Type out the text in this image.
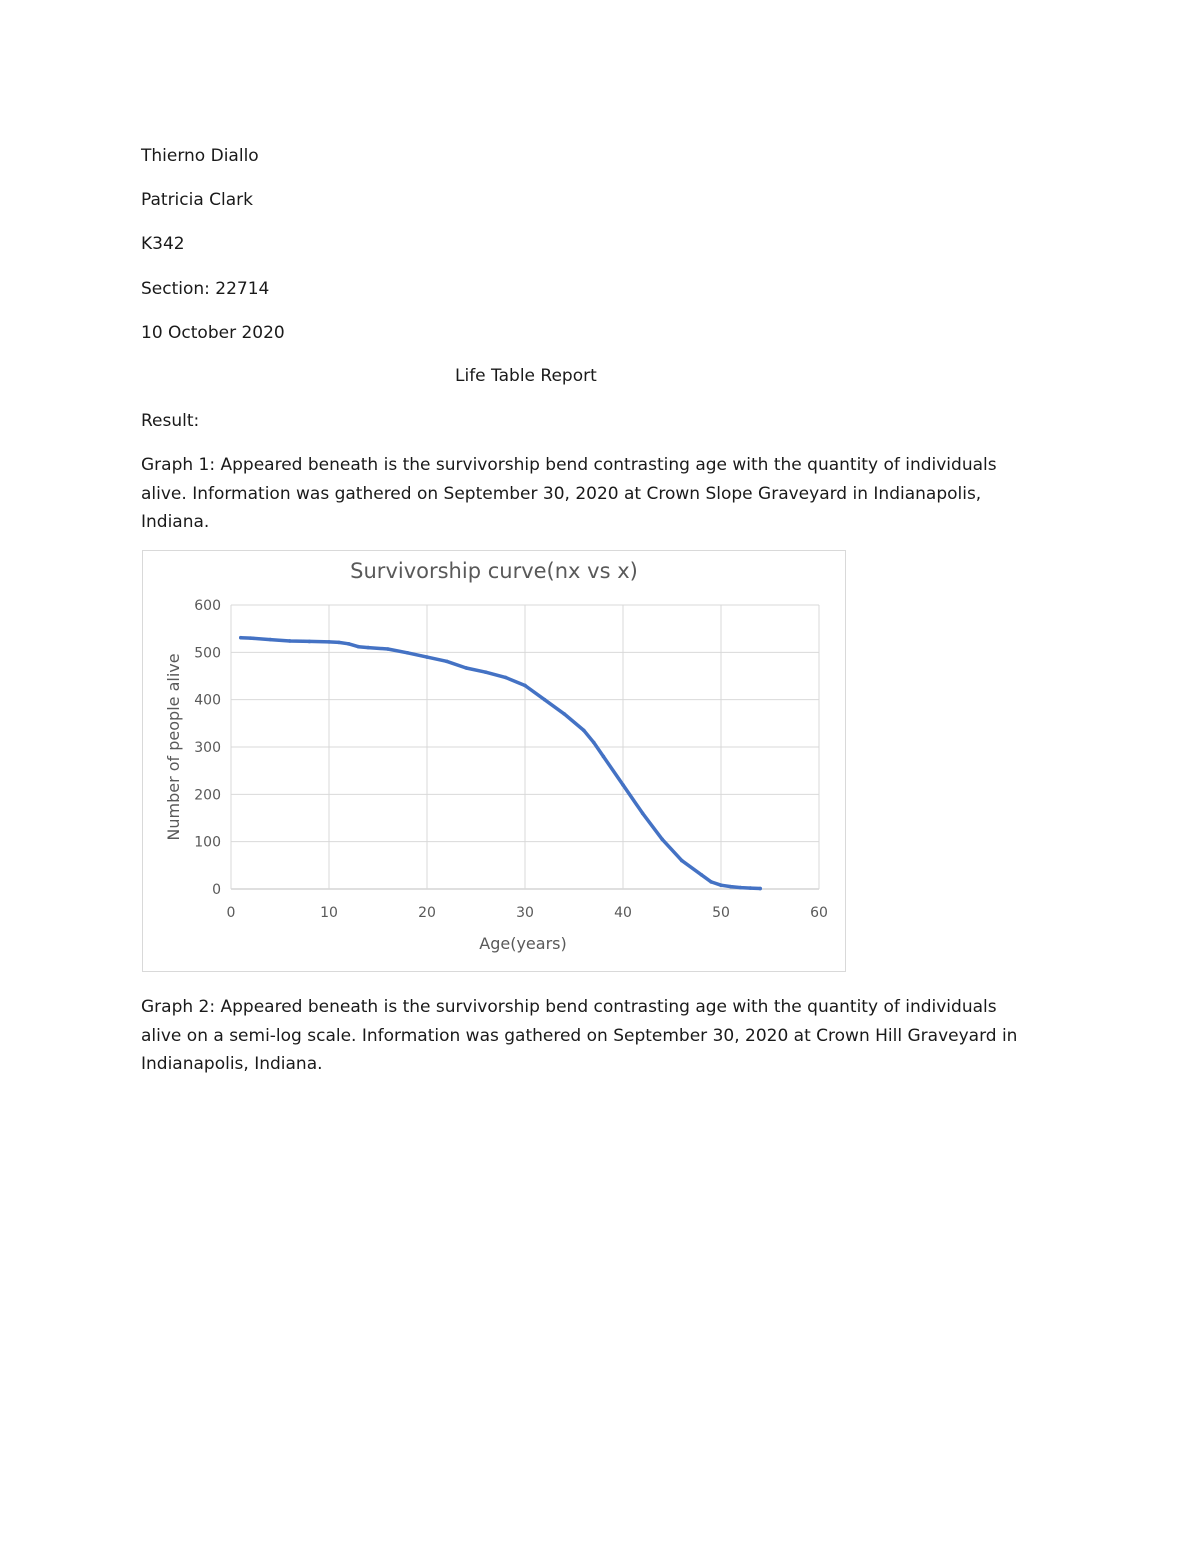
Thierno Diallo
Patricia Clark
K342
Section: 22714
10 October 2020
Life Table Report
Result:
Graph 1: Appeared beneath is the survivorship bend contrasting age with the quantity of individuals alive. Information was gathered on September 30, 2020 at Crown Slope Graveyard in Indianapolis, Indiana.
Survivorship curve(nx vs x)
0
100
200
300
400
500
600
0	10	20	30	40	50	60
Age(years)
Number of people alive
Graph 2: Appeared beneath is the survivorship bend contrasting age with the quantity of individuals alive on a semi-log scale. Information was gathered on September 30, 2020 at Crown Hill Graveyard in Indianapolis, Indiana.
